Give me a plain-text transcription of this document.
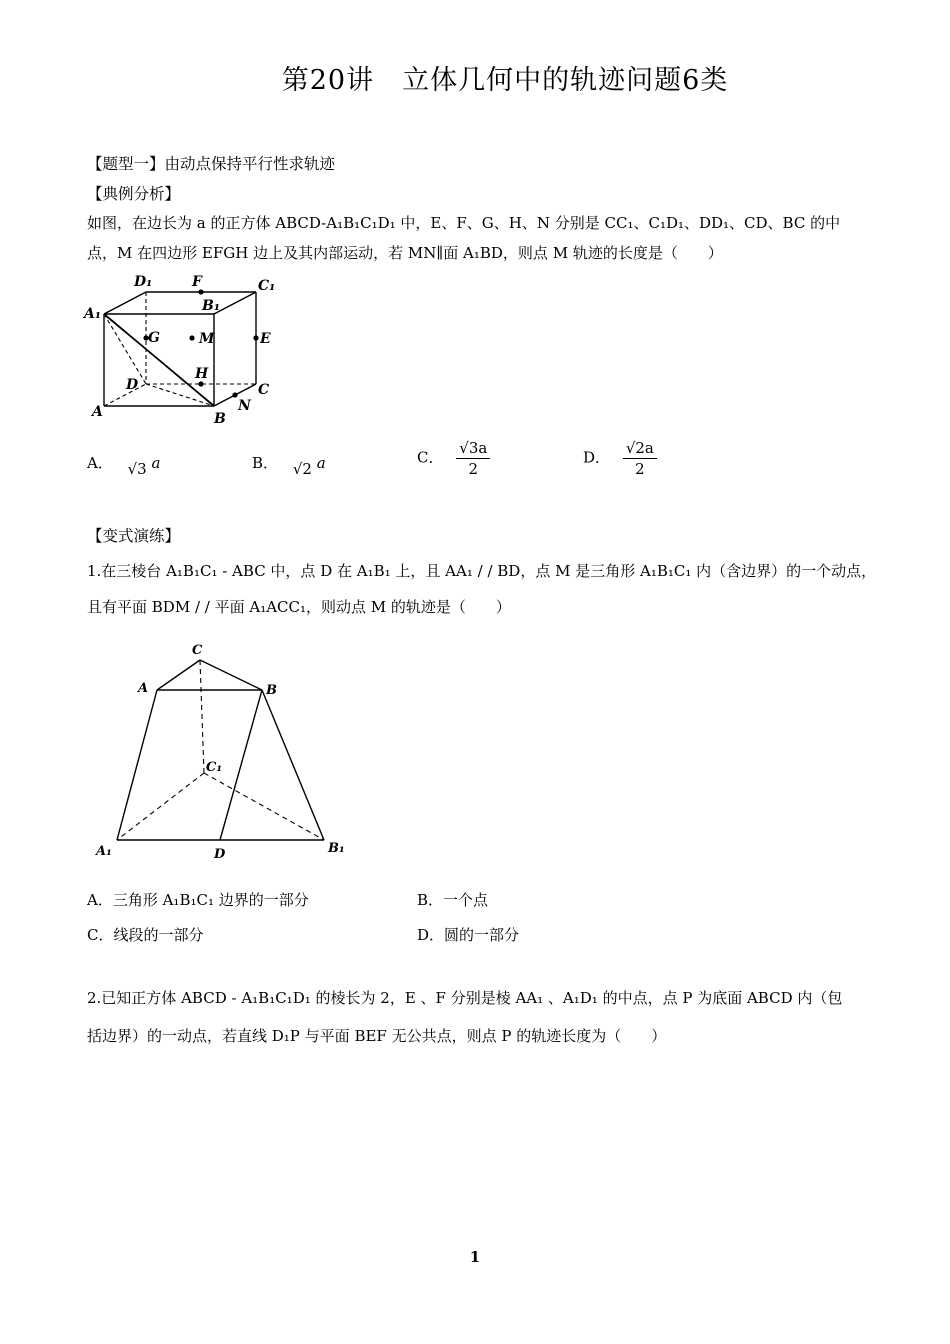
第20讲　立体几何中的轨迹问题6类
【题型一】由动点保持平行性求轨迹
【典例分析】
如图，在边长为 a 的正方体 ABCD-A₁B₁C₁D₁ 中，E、F、G、H、N 分别是 CC₁、C₁D₁、DD₁、CD、BC 的中
点，M 在四边形 EFGH 边上及其内部运动，若 MN∥面 A₁BD，则点 M 轨迹的长度是（　　）
D₁	F
B₁
C₁
A₁
G	M	E
D
H
C
A	N
B
A． √3 a	B． √2 a	C． $\frac{√3a}{2}$	D． $\frac{√2a}{2}$
【变式演练】
1.在三棱台 A₁B₁C₁ - ABC 中，点 D 在 A₁B₁ 上，且 AA₁ / / BD，点 M 是三角形 A₁B₁C₁ 内（含边界）的一个动点，
且有平面 BDM / / 平面 A₁ACC₁，则动点 M 的轨迹是（　　）
C
A	B
C₁
A₁	D	B₁
A．三角形 A₁B₁C₁ 边界的一部分	B．一个点
C．线段的一部分	D．圆的一部分
2.已知正方体 ABCD - A₁B₁C₁D₁ 的棱长为 2，E 、F 分别是棱 AA₁ 、A₁D₁ 的中点，点 P 为底面 ABCD 内（包
括边界）的一动点，若直线 D₁P 与平面 BEF 无公共点，则点 P 的轨迹长度为（　　）
1
